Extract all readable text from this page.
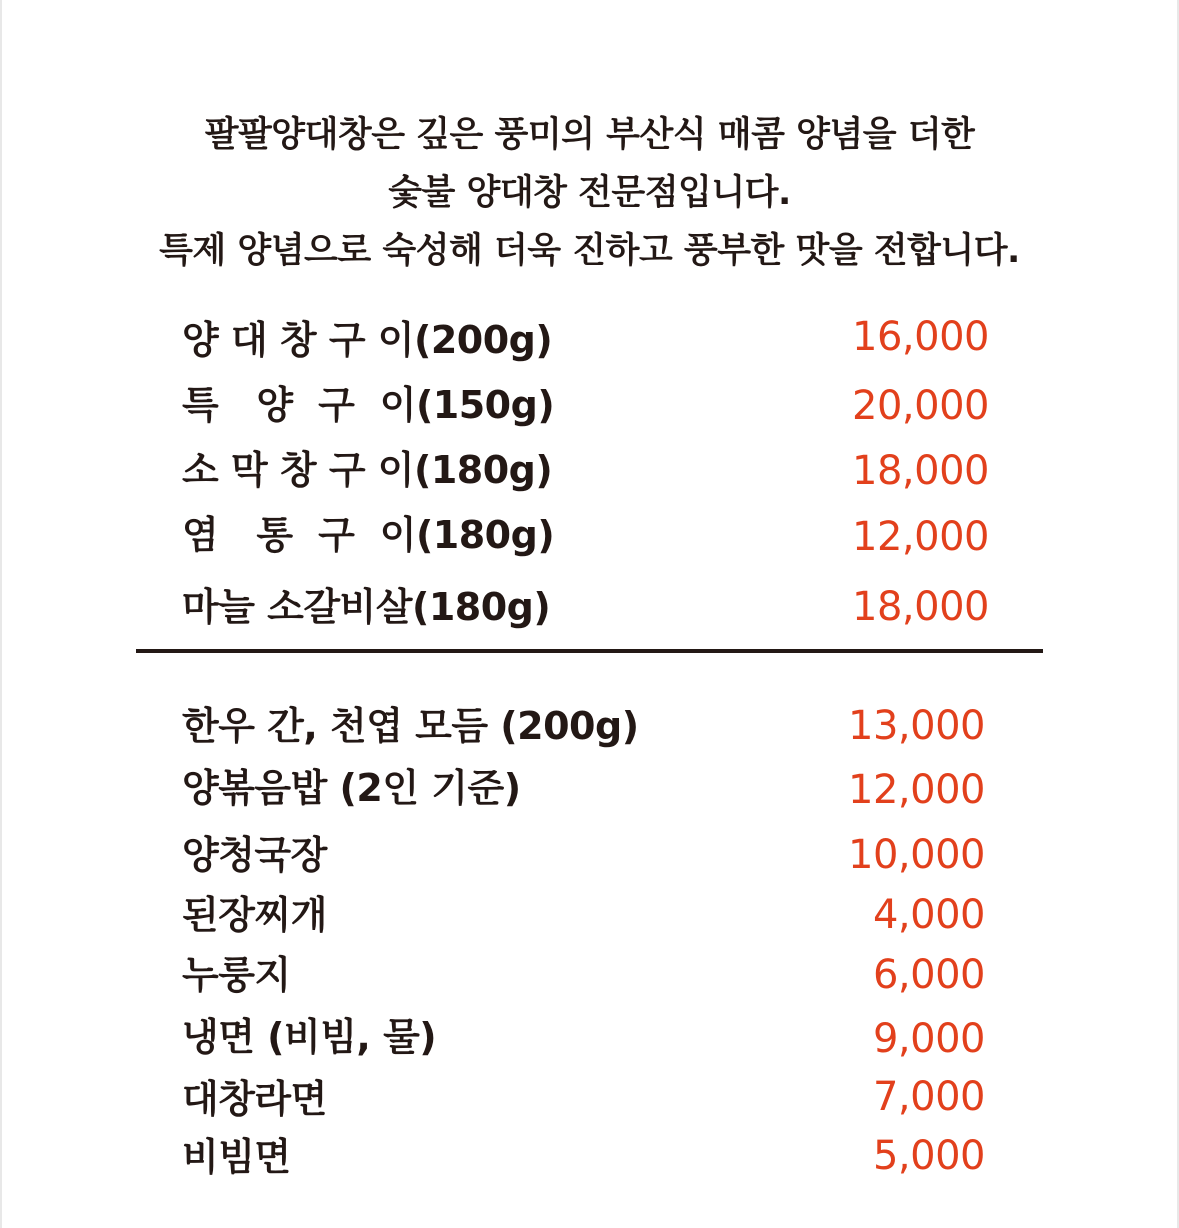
팔팔양대창은 깊은 풍미의 부산식 매콤 양념을 더한
숯불 양대창 전문점입니다.
특제 양념으로 숙성해 더욱 진하고 풍부한 맛을 전합니다.
양 대 창 구 이(200g)	16,000
특   양  구  이(150g)	20,000
소 막 창 구 이(180g)	18,000
염   통  구  이(180g)	12,000
마늘 소갈비살(180g)	18,000
한우 간, 천엽 모듬 (200g)	13,000
양볶음밥 (2인 기준)	12,000
양청국장	10,000
된장찌개	4,000
누룽지	6,000
냉면 (비빔, 물)	9,000
대창라면	7,000
비빔면	5,000
